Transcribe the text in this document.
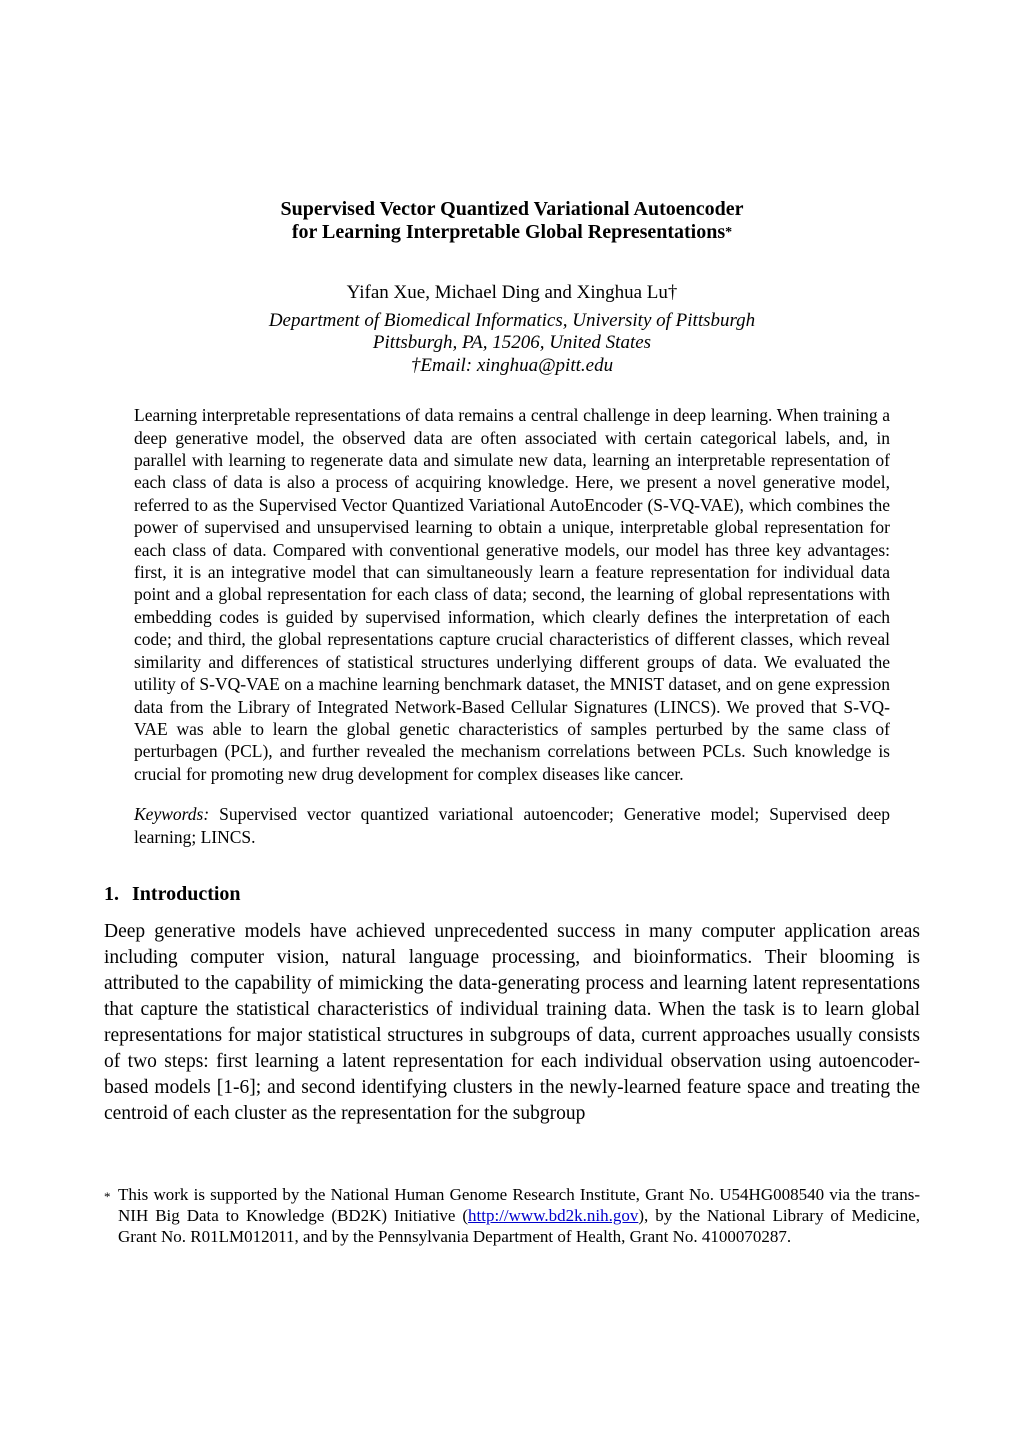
Supervised Vector Quantized Variational Autoencoder
for Learning Interpretable Global Representations*

Yifan Xue, Michael Ding and Xinghua Lu†

Department of Biomedical Informatics, University of Pittsburgh

Pittsburgh, PA, 15206, United States

†Email: xinghua@pitt.edu

Learning interpretable representations of data remains a central challenge in deep learning. When training a deep generative model, the observed data are often associated with certain categorical labels, and, in parallel with learning to regenerate data and simulate new data, learning an interpretable representation of each class of data is also a process of acquiring knowledge. Here, we present a novel generative model, referred to as the Supervised Vector Quantized Variational AutoEncoder (S-VQ-VAE), which combines the power of supervised and unsupervised learning to obtain a unique, interpretable global representation for each class of data. Compared with conventional generative models, our model has three key advantages: first, it is an integrative model that can simultaneously learn a feature representation for individual data point and a global representation for each class of data; second, the learning of global representations with embedding codes is guided by supervised information, which clearly defines the interpretation of each code; and third, the global representations capture crucial characteristics of different classes, which reveal similarity and differences of statistical structures underlying different groups of data. We evaluated the utility of S-VQ-VAE on a machine learning benchmark dataset, the MNIST dataset, and on gene expression data from the Library of Integrated Network-Based Cellular Signatures (LINCS). We proved that S-VQ-VAE was able to learn the global genetic characteristics of samples perturbed by the same class of perturbagen (PCL), and further revealed the mechanism correlations between PCLs. Such knowledge is crucial for promoting new drug development for complex diseases like cancer.

Keywords: Supervised vector quantized variational autoencoder; Generative model; Supervised deep learning; LINCS.

1. Introduction

Deep generative models have achieved unprecedented success in many computer application areas including computer vision, natural language processing, and bioinformatics. Their blooming is attributed to the capability of mimicking the data-generating process and learning latent representations that capture the statistical characteristics of individual training data. When the task is to learn global representations for major statistical structures in subgroups of data, current approaches usually consists of two steps: first learning a latent representation for each individual observation using autoencoder-based models [1-6]; and second identifying clusters in the newly-learned feature space and treating the centroid of each cluster as the representation for the subgroup

* This work is supported by the National Human Genome Research Institute, Grant No. U54HG008540 via the trans-NIH Big Data to Knowledge (BD2K) Initiative (http://www.bd2k.nih.gov), by the National Library of Medicine, Grant No. R01LM012011, and by the Pennsylvania Department of Health, Grant No. 4100070287.
